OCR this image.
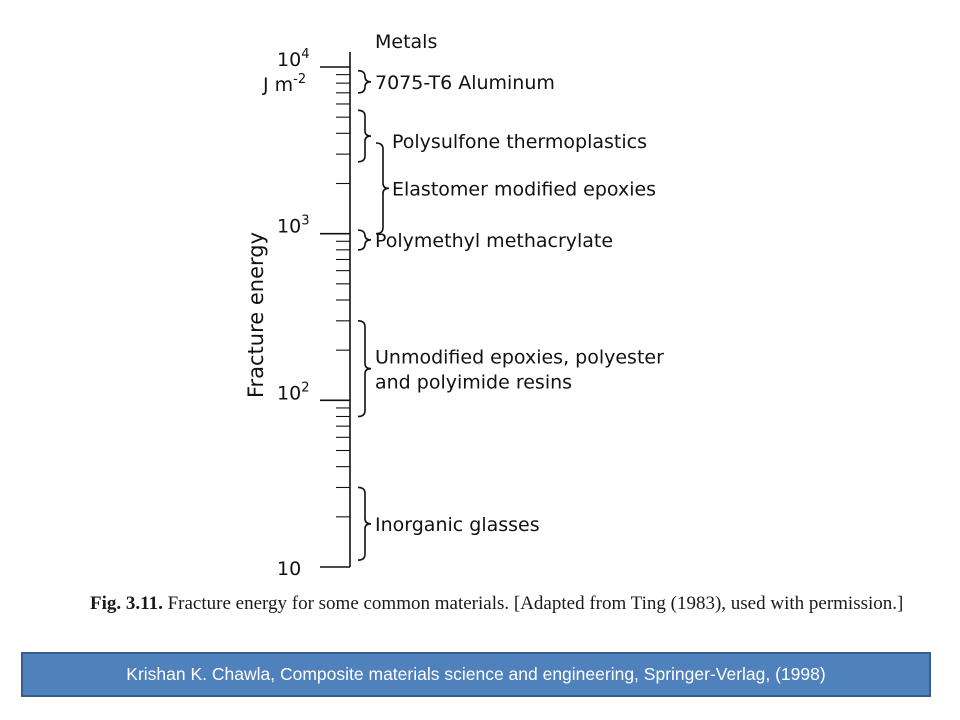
$10^4$
J $m^{-2}$
$10^3$
$10^2$
10
7075-T6 Aluminum
Polysulfone thermoplastics
Elastomer modified epoxies
Polymethyl methacrylate
Unmodified epoxies, polyester
and polyimide resins
Inorganic glasses
Metals
Fracture energy
Fig. 3.11. Fracture energy for some common materials. [Adapted from Ting (1983), used with permission.]
Krishan K. Chawla, Composite materials science and engineering, Springer-Verlag, (1998)
